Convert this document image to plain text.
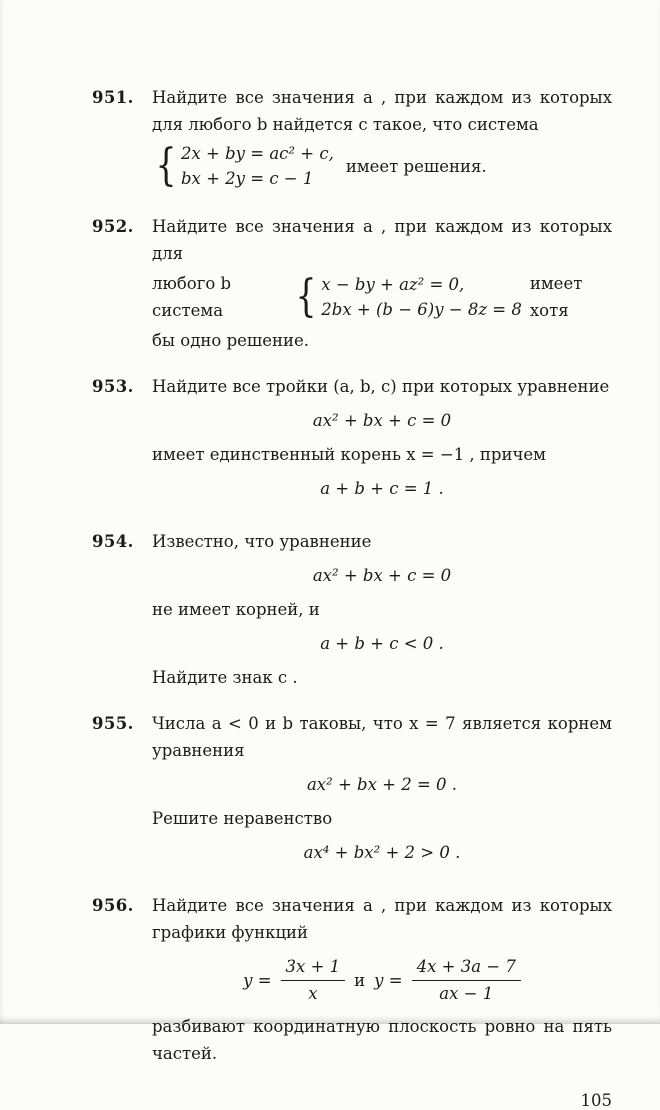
951.	Найдите все значения a , при каждом из которых для любого b найдется c такое, что система

{ 2x + by = ac² + c,
bx + 2y = c − 1
имеет решения.
952.	Найдите все значения a , при каждом из которых для

любого b система	{ x − by + az² = 0,
2bx + (b − 6)y − 8z = 8
имеет хотя

бы одно решение.

953.	Найдите все тройки (a, b, c) при которых уравнение

ax² + bx + c = 0

имеет единственный корень x = −1 , причем

a + b + c = 1 .

954.	Известно, что уравнение

ax² + bx + c = 0

не имеет корней, и

a + b + c < 0 .

Найдите знак c .

955.	Числа a < 0 и b таковы, что x = 7 является корнем уравнения

ax² + bx + 2 = 0 .

Решите неравенство

ax⁴ + bx² + 2 > 0 .

956.	Найдите все значения a , при каждом из которых графики функций

$y = \frac{3x + 1}{x}$ и $y = \frac{4x + 3a - 7}{ax - 1}$

разбивают координатную плоскость ровно на пять частей.

105
